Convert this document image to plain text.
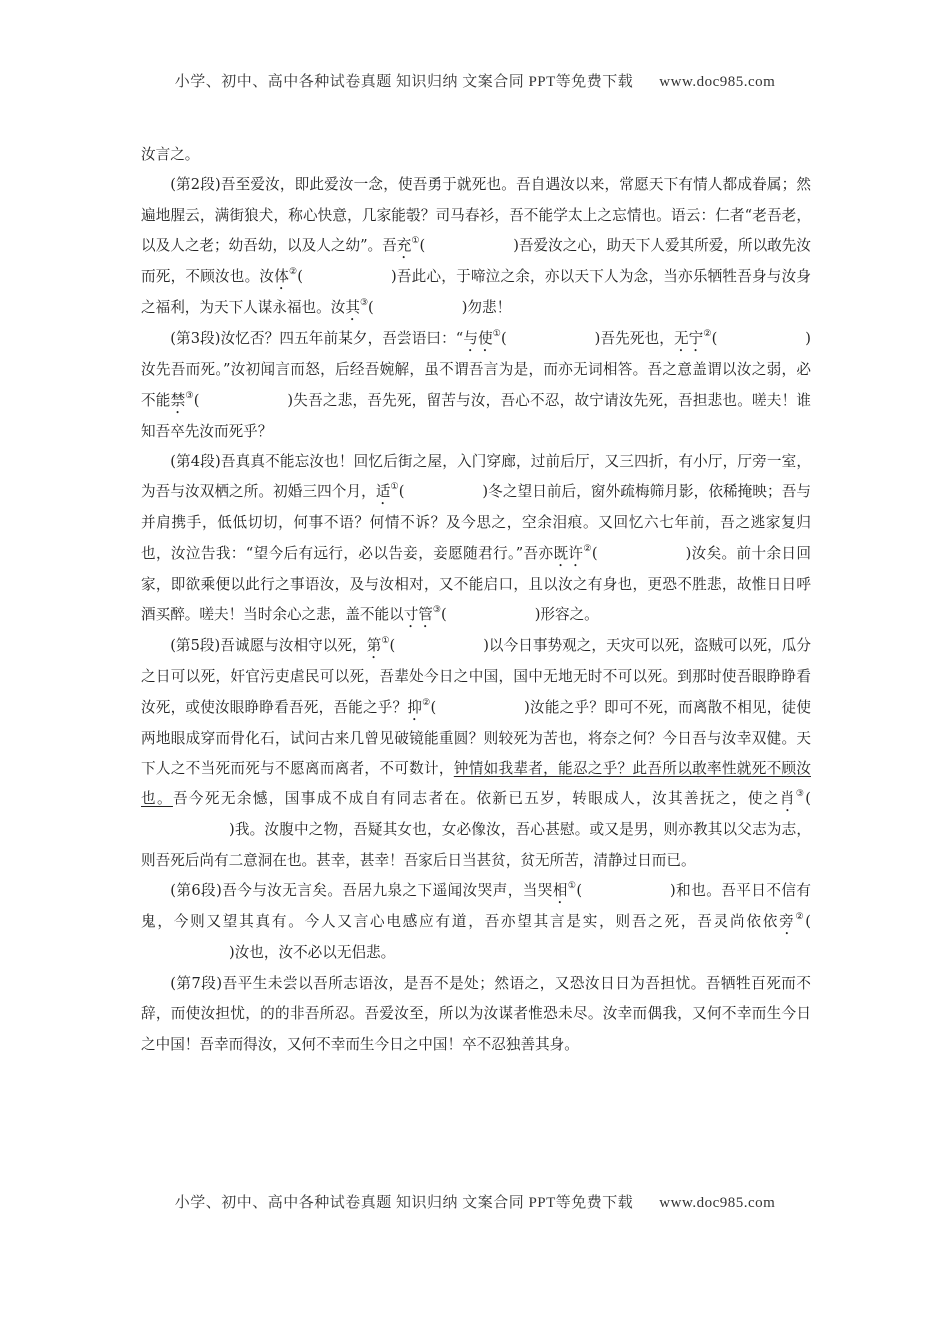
小学、初中、高中各种试卷真题 知识归纳 文案合同 PPT等免费下载 www.doc985.com

汝言之。

(第2段)吾至爱汝，即此爱汝一念，使吾勇于就死也。吾自遇汝以来，常愿天下有情人都成眷属；然遍地腥云，满街狼犬，称心快意，几家能彀？司马春衫，吾不能学太上之忘情也。语云：仁者“老吾老，以及人之老；幼吾幼，以及人之幼”。吾充①(	)吾爱汝之心，助天下人爱其所爱，所以敢先汝而死，不顾汝也。汝体②(	)吾此心，于啼泣之余，亦以天下人为念，当亦乐牺牲吾身与汝身之福利，为天下人谋永福也。汝其③(	)勿悲！

(第3段)汝忆否？四五年前某夕，吾尝语曰：“与使①(	)吾先死也，无宁②(	)汝先吾而死。”汝初闻言而怒，后经吾婉解，虽不谓吾言为是，而亦无词相答。吾之意盖谓以汝之弱，必不能禁③(	)失吾之悲，吾先死，留苦与汝，吾心不忍，故宁请汝先死，吾担悲也。嗟夫！谁知吾卒先汝而死乎？

(第4段)吾真真不能忘汝也！回忆后街之屋，入门穿廊，过前后厅，又三四折，有小厅，厅旁一室，为吾与汝双栖之所。初婚三四个月，适①(	)冬之望日前后，窗外疏梅筛月影，依稀掩映；吾与并肩携手，低低切切，何事不语？何情不诉？及今思之，空余泪痕。又回忆六七年前，吾之逃家复归也，汝泣告我：“望今后有远行，必以告妾，妾愿随君行。”吾亦既许②(	)汝矣。前十余日回家，即欲乘便以此行之事语汝，及与汝相对，又不能启口，且以汝之有身也，更恐不胜悲，故惟日日呼酒买醉。嗟夫！当时余心之悲，盖不能以寸管③(	)形容之。

(第5段)吾诚愿与汝相守以死，第①(	)以今日事势观之，天灾可以死，盗贼可以死，瓜分之日可以死，奸官污吏虐民可以死，吾辈处今日之中国，国中无地无时不可以死。到那时使吾眼睁睁看汝死，或使汝眼睁睁看吾死，吾能之乎？抑②(	)汝能之乎？即可不死，而离散不相见，徒使两地眼成穿而骨化石，试问古来几曾见破镜能重圆？则较死为苦也，将奈之何？今日吾与汝幸双健。天下人之不当死而死与不愿离而离者，不可数计，钟情如我辈者，能忍之乎？此吾所以敢率性就死不顾汝也。吾今死无余憾，国事成不成自有同志者在。依新已五岁，转眼成人，汝其善抚之，使之肖③()我。汝腹中之物，吾疑其女也，女必像汝，吾心甚慰。或又是男，则亦教其以父志为志，则吾死后尚有二意洞在也。甚幸，甚幸！吾家后日当甚贫，贫无所苦，清静过日而已。

(第6段)吾今与汝无言矣。吾居九泉之下遥闻汝哭声，当哭相①(	)和也。吾平日不信有鬼，今则又望其真有。今人又言心电感应有道，吾亦望其言是实，则吾之死，吾灵尚依依旁②()汝也，汝不必以无侣悲。

(第7段)吾平生未尝以吾所志语汝，是吾不是处；然语之，又恐汝日日为吾担忧。吾牺牲百死而不辞，而使汝担忧，的的非吾所忍。吾爱汝至，所以为汝谋者惟恐未尽。汝幸而偶我，又何不幸而生今日之中国！吾幸而得汝，又何不幸而生今日之中国！卒不忍独善其身。

小学、初中、高中各种试卷真题 知识归纳 文案合同 PPT等免费下载 www.doc985.com
